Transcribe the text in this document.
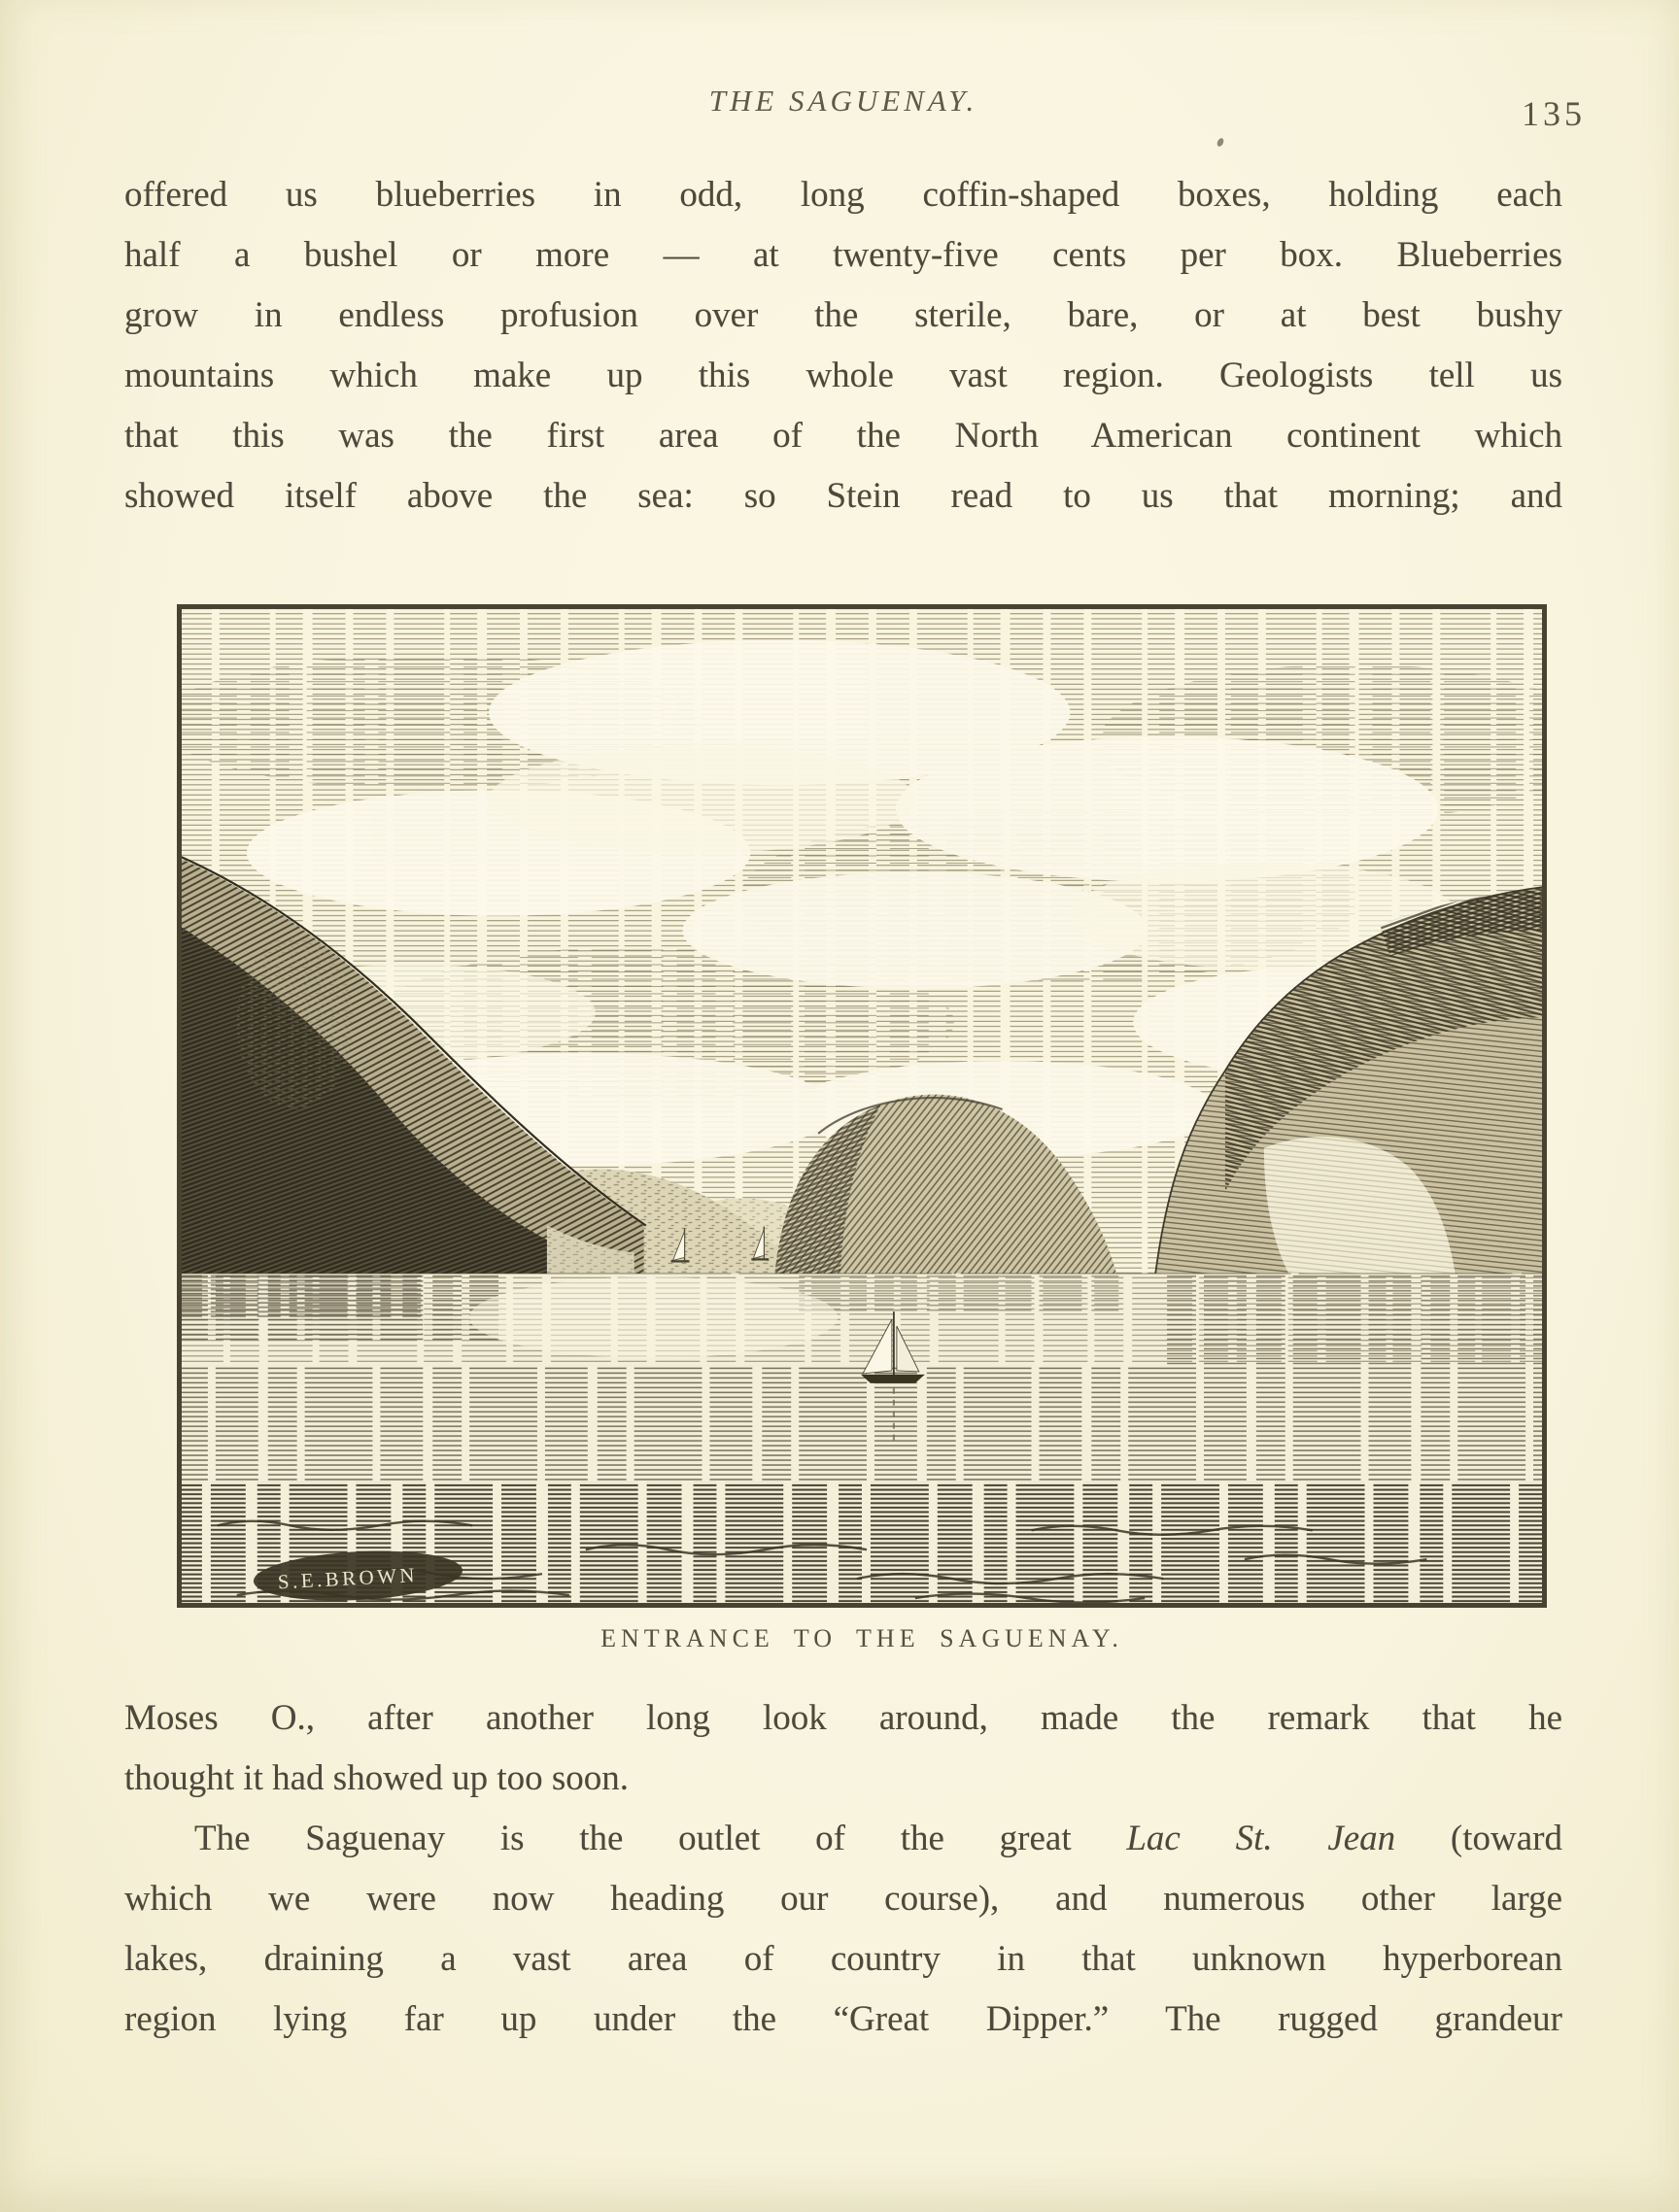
THE SAGUENAY.	135
offered us blueberries in odd, long coffin-shaped boxes, holding each
half a bushel or more — at twenty-five cents per box. Blueberries
grow in endless profusion over the sterile, bare, or at best bushy
mountains which make up this whole vast region. Geologists tell us
that this was the first area of the North American continent which
showed itself above the sea: so Stein read to us that morning; and
S.E.BROWN
ENTRANCE TO THE SAGUENAY.
Moses O., after another long look around, made the remark that he
thought it had showed up too soon.
The Saguenay is the outlet of the great Lac St. Jean (toward
which we were now heading our course), and numerous other large
lakes, draining a vast area of country in that unknown hyperborean
region lying far up under the “Great Dipper.” The rugged grandeur
